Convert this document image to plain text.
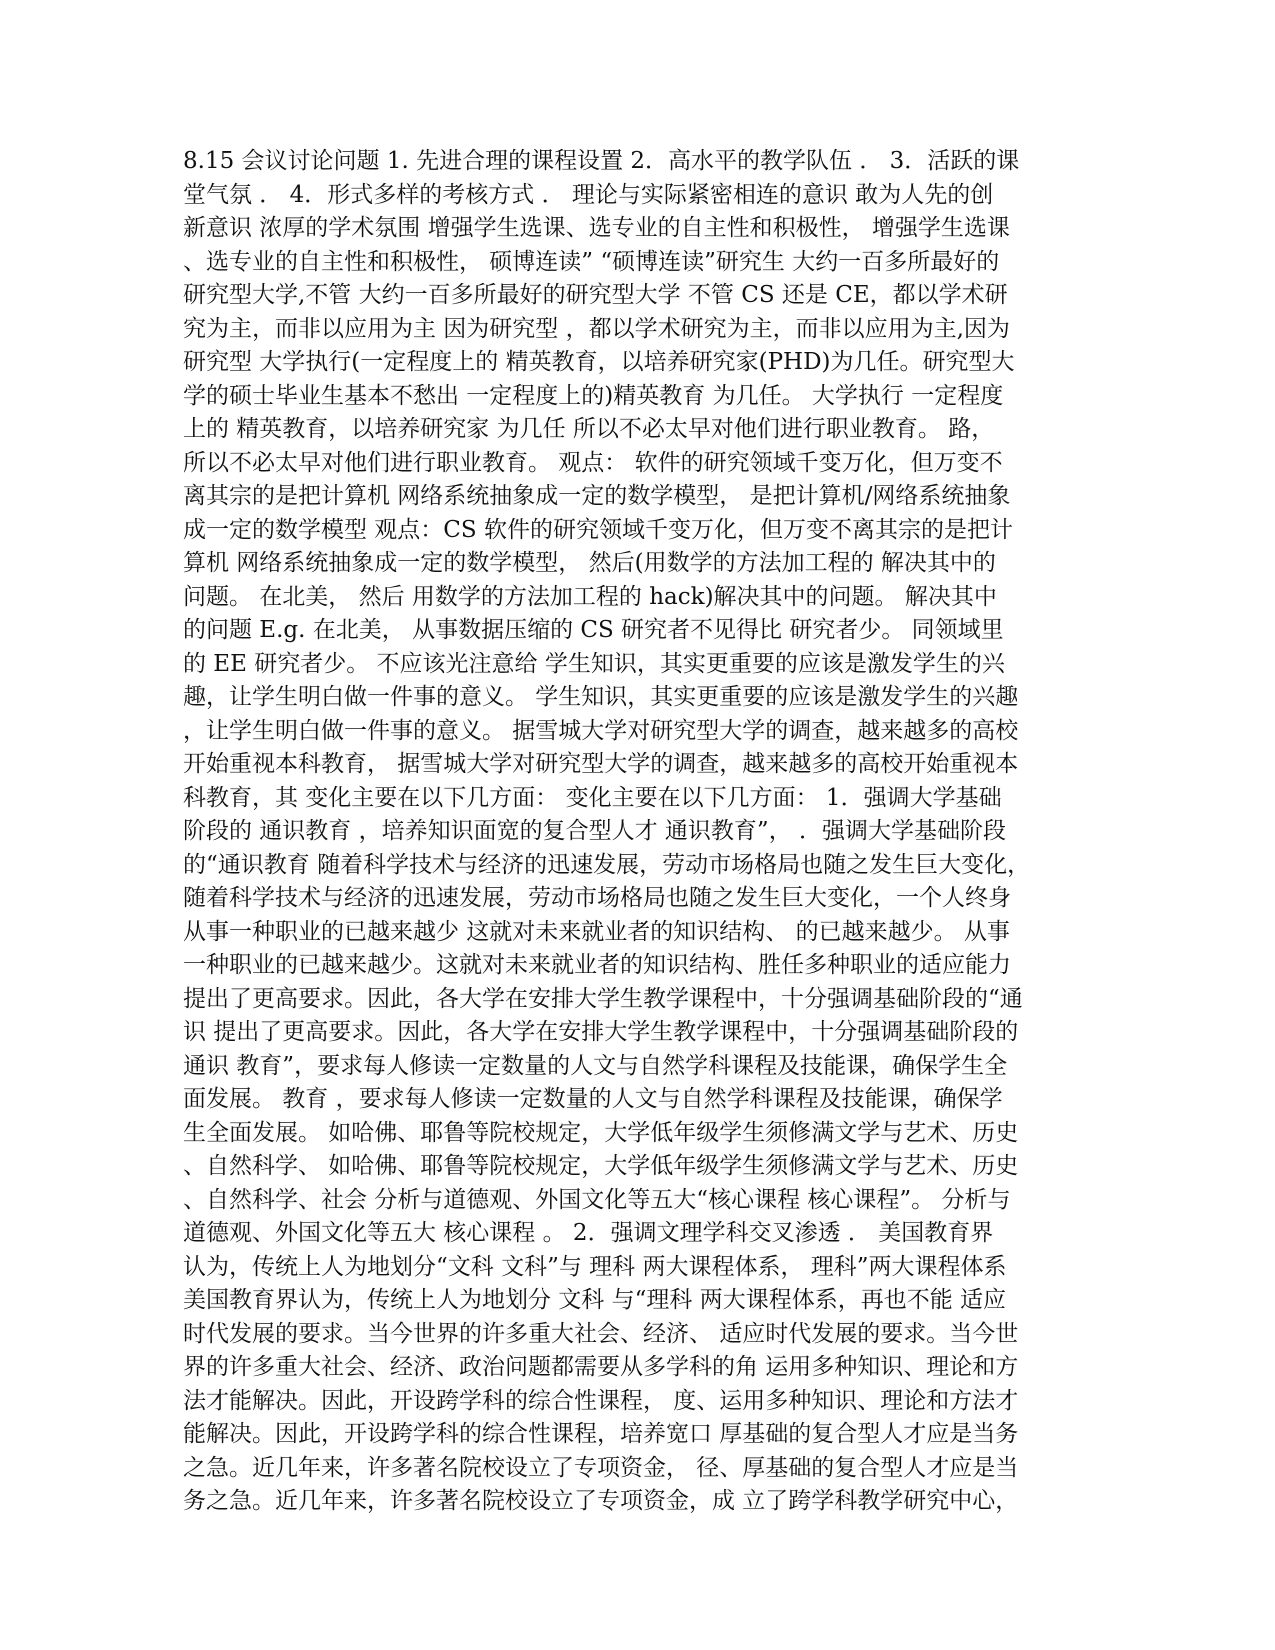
8.15 会议讨论问题 1. 先进合理的课程设置 2．高水平的教学队伍 ． 3．活跃的课
堂气氛 ． 4．形式多样的考核方式 ． 理论与实际紧密相连的意识 敢为人先的创
新意识 浓厚的学术氛围 增强学生选课、选专业的自主性和积极性， 增强学生选课
、选专业的自主性和积极性， 硕博连读” “硕博连读”研究生 大约一百多所最好的
研究型大学,不管 大约一百多所最好的研究型大学 不管 CS 还是 CE，都以学术研
究为主，而非以应用为主 因为研究型 ，都以学术研究为主，而非以应用为主,因为
研究型 大学执行(一定程度上的 精英教育，以培养研究家(PHD)为几任。研究型大
学的硕士毕业生基本不愁出 一定程度上的)精英教育 为几任。 大学执行 一定程度
上的 精英教育，以培养研究家 为几任 所以不必太早对他们进行职业教育。 路，
所以不必太早对他们进行职业教育。 观点： 软件的研究领域千变万化，但万变不
离其宗的是把计算机 网络系统抽象成一定的数学模型， 是把计算机/网络系统抽象
成一定的数学模型 观点：CS 软件的研究领域千变万化，但万变不离其宗的是把计
算机 网络系统抽象成一定的数学模型， 然后(用数学的方法加工程的 解决其中的
问题。 在北美， 然后 用数学的方法加工程的 hack)解决其中的问题。 解决其中
的问题 E.g. 在北美， 从事数据压缩的 CS 研究者不见得比 研究者少。 同领域里
的 EE 研究者少。 不应该光注意给 学生知识，其实更重要的应该是激发学生的兴
趣，让学生明白做一件事的意义。 学生知识，其实更重要的应该是激发学生的兴趣
，让学生明白做一件事的意义。 据雪城大学对研究型大学的调查，越来越多的高校
开始重视本科教育， 据雪城大学对研究型大学的调查，越来越多的高校开始重视本
科教育，其 变化主要在以下几方面： 变化主要在以下几方面： 1．强调大学基础
阶段的 通识教育 ，培养知识面宽的复合型人才 通识教育”， ．强调大学基础阶段
的“通识教育 随着科学技术与经济的迅速发展，劳动市场格局也随之发生巨大变化，
随着科学技术与经济的迅速发展，劳动市场格局也随之发生巨大变化，一个人终身
从事一种职业的已越来越少 这就对未来就业者的知识结构、 的已越来越少。 从事
一种职业的已越来越少。这就对未来就业者的知识结构、胜任多种职业的适应能力
提出了更高要求。因此，各大学在安排大学生教学课程中，十分强调基础阶段的“通
识 提出了更高要求。因此，各大学在安排大学生教学课程中，十分强调基础阶段的
通识 教育”，要求每人修读一定数量的人文与自然学科课程及技能课，确保学生全
面发展。 教育 ，要求每人修读一定数量的人文与自然学科课程及技能课，确保学
生全面发展。 如哈佛、耶鲁等院校规定，大学低年级学生须修满文学与艺术、历史
、自然科学、 如哈佛、耶鲁等院校规定，大学低年级学生须修满文学与艺术、历史
、自然科学、社会 分析与道德观、外国文化等五大“核心课程 核心课程”。 分析与
道德观、外国文化等五大 核心课程 。 2．强调文理学科交叉渗透 ． 美国教育界
认为，传统上人为地划分“文科 文科”与 理科 两大课程体系， 理科”两大课程体系
美国教育界认为，传统上人为地划分 文科 与“理科 两大课程体系，再也不能 适应
时代发展的要求。当今世界的许多重大社会、经济、 适应时代发展的要求。当今世
界的许多重大社会、经济、政治问题都需要从多学科的角 运用多种知识、理论和方
法才能解决。因此，开设跨学科的综合性课程， 度、运用多种知识、理论和方法才
能解决。因此，开设跨学科的综合性课程，培养宽口 厚基础的复合型人才应是当务
之急。近几年来，许多著名院校设立了专项资金， 径、厚基础的复合型人才应是当
务之急。近几年来，许多著名院校设立了专项资金，成 立了跨学科教学研究中心，
